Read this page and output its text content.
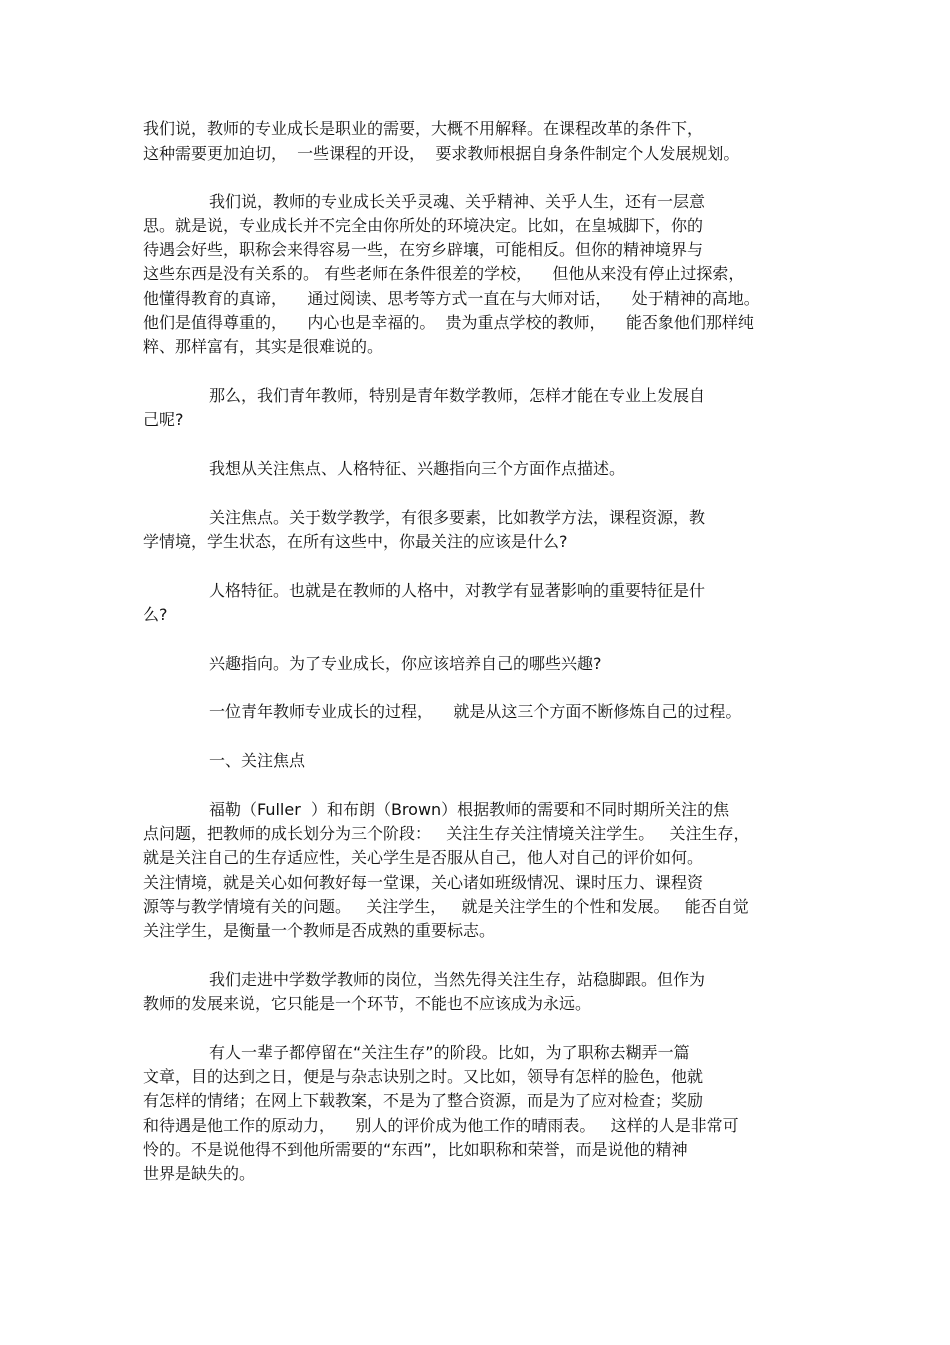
我们说，教师的专业成长是职业的需要，大概不用解释。在课程改革的条件下，
这种需要更加迫切，  一些课程的开设，  要求教师根据自身条件制定个人发展规划。
我们说，教师的专业成长关乎灵魂、关乎精神、关乎人生，还有一层意
思。就是说，专业成长并不完全由你所处的环境决定。比如，在皇城脚下，你的
待遇会好些，职称会来得容易一些，在穷乡辟壤，可能相反。但你的精神境界与
这些东西是没有关系的。 有些老师在条件很差的学校，    但他从来没有停止过探索，
他懂得教育的真谛，    通过阅读、思考等方式一直在与大师对话，    处于精神的高地。
他们是值得尊重的，    内心也是幸福的。  贵为重点学校的教师，    能否象他们那样纯
粹、那样富有，其实是很难说的。
那么，我们青年教师，特别是青年数学教师，怎样才能在专业上发展自
己呢?
我想从关注焦点、人格特征、兴趣指向三个方面作点描述。
关注焦点。关于数学教学，有很多要素，比如教学方法，课程资源，教
学情境，学生状态，在所有这些中，你最关注的应该是什么?
人格特征。也就是在教师的人格中，对教学有显著影响的重要特征是什
么?
兴趣指向。为了专业成长，你应该培养自己的哪些兴趣?
一位青年教师专业成长的过程，    就是从这三个方面不断修炼自己的过程。
一、关注焦点
福勒（Fuller  ）和布朗（Brown）根据教师的需要和不同时期所关注的焦
点问题，把教师的成长划分为三个阶段：   关注生存关注情境关注学生。   关注生存，
就是关注自己的生存适应性，关心学生是否服从自己，他人对自己的评价如何。
关注情境，就是关心如何教好每一堂课，关心诸如班级情况、课时压力、课程资
源等与教学情境有关的问题。   关注学生，   就是关注学生的个性和发展。   能否自觉
关注学生，是衡量一个教师是否成熟的重要标志。
我们走进中学数学教师的岗位，当然先得关注生存，站稳脚跟。但作为
教师的发展来说，它只能是一个环节，不能也不应该成为永远。
有人一辈子都停留在“关注生存”的阶段。比如，为了职称去糊弄一篇
文章，目的达到之日，便是与杂志诀别之时。又比如，领导有怎样的脸色，他就
有怎样的情绪；在网上下载教案，不是为了整合资源，而是为了应对检查；奖励
和待遇是他工作的原动力，    别人的评价成为他工作的晴雨表。   这样的人是非常可
怜的。不是说他得不到他所需要的“东西”，比如职称和荣誉，而是说他的精神
世界是缺失的。
